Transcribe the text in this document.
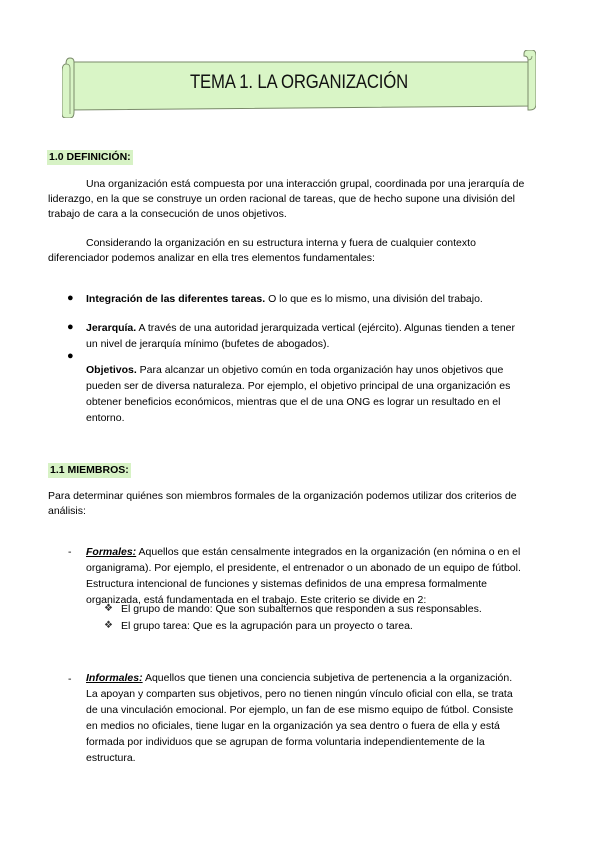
TEMA 1. LA ORGANIZACIÓN
1.0 DEFINICIÓN:
Una organización está compuesta por una interacción grupal, coordinada por una jerarquía de
liderazgo, en la que se construye un orden racional de tareas, que de hecho supone una división del
trabajo de cara a la consecución de unos objetivos.
Considerando la organización en su estructura interna y fuera de cualquier contexto
diferenciador podemos analizar en ella tres elementos fundamentales:
● Integración de las diferentes tareas. O lo que es lo mismo, una división del trabajo.
● Jerarquía. A través de una autoridad jerarquizada vertical (ejército). Algunas tienden a tener
un nivel de jerarquía mínimo (bufetes de abogados).
●
Objetivos. Para alcanzar un objetivo común en toda organización hay unos objetivos que
pueden ser de diversa naturaleza. Por ejemplo, el objetivo principal de una organización es
obtener beneficios económicos, mientras que el de una ONG es lograr un resultado en el
entorno.
1.1 MIEMBROS:
Para determinar quiénes son miembros formales de la organización podemos utilizar dos criterios de
análisis:
- Formales: Aquellos que están censalmente integrados en la organización (en nómina o en el
organigrama). Por ejemplo, el presidente, el entrenador o un abonado de un equipo de fútbol.
Estructura intencional de funciones y sistemas definidos de una empresa formalmente
organizada, está fundamentada en el trabajo. Este criterio se divide en 2:
❖ El grupo de mando: Que son subalternos que responden a sus responsables.
❖ El grupo tarea: Que es la agrupación para un proyecto o tarea.
- Informales: Aquellos que tienen una conciencia subjetiva de pertenencia a la organización.
La apoyan y comparten sus objetivos, pero no tienen ningún vínculo oficial con ella, se trata
de una vinculación emocional. Por ejemplo, un fan de ese mismo equipo de fútbol. Consiste
en medios no oficiales, tiene lugar en la organización ya sea dentro o fuera de ella y está
formada por individuos que se agrupan de forma voluntaria independientemente de la
estructura.
